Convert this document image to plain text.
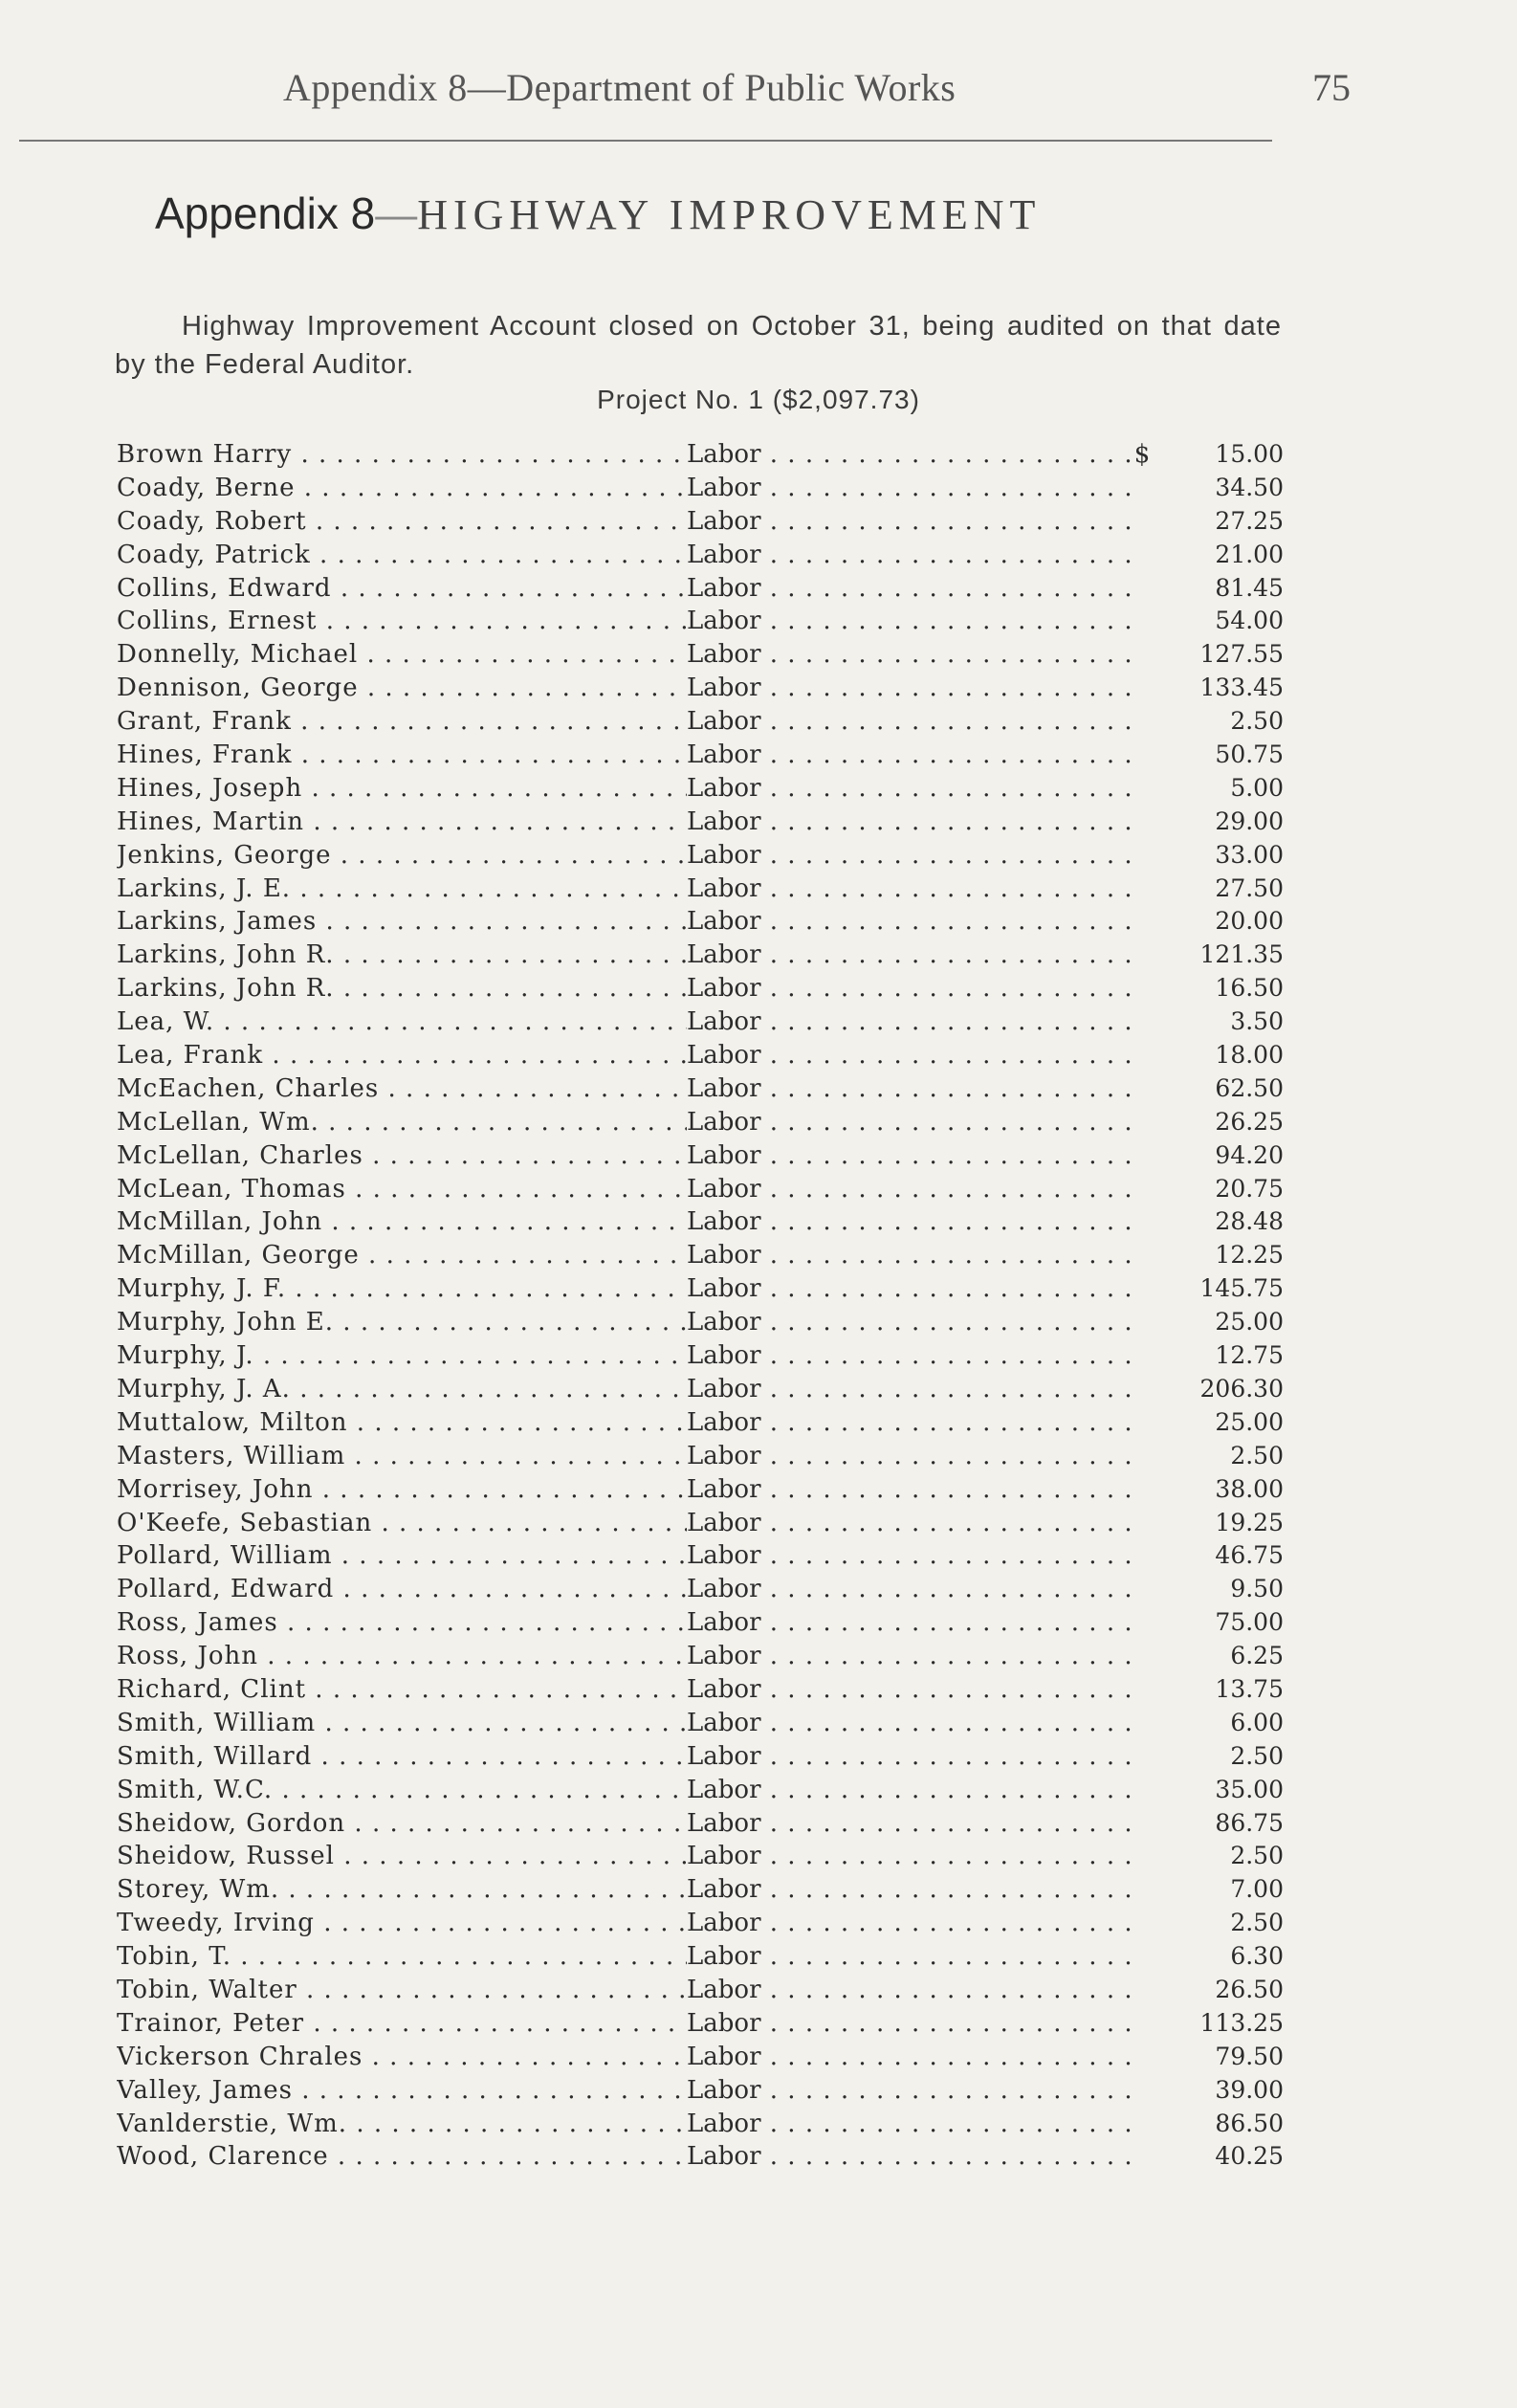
Appendix 8—Department of Public Works	75
Appendix 8—HIGHWAY IMPROVEMENT

Highway Improvement Account closed on October 31, being audited on that date by the Federal Auditor.

Project No. 1 ($2,097.73)
Brown Harry . . .	Labor . . .	$	15.00
Coady, Berne . . .	Labor . . .	34.50
Coady, Robert . . .	Labor . . .	27.25
Coady, Patrick . . .	Labor . . .	21.00
Collins, Edward . . .	Labor . . .	81.45
Collins, Ernest . . .	Labor . . .	54.00
Donnelly, Michael . . .	Labor . . .	127.55
Dennison, George . . .	Labor . . .	133.45
Grant, Frank . . .	Labor . . .	2.50
Hines, Frank . . .	Labor . . .	50.75
Hines, Joseph . . .	Labor . . .	5.00
Hines, Martin . . .	Labor . . .	29.00
Jenkins, George . . .	Labor . . .	33.00
Larkins, J. E. . . .	Labor . . .	27.50
Larkins, James . . .	Labor . . .	20.00
Larkins, John R. . . .	Labor . . .	121.35
Larkins, John R. . . .	Labor . . .	16.50
Lea, W. . . .	Labor . . .	3.50
Lea, Frank . . .	Labor . . .	18.00
McEachen, Charles . . .	Labor . . .	62.50
McLellan, Wm. . . .	Labor . . .	26.25
McLellan, Charles . . .	Labor . . .	94.20
McLean, Thomas . . .	Labor . . .	20.75
McMillan, John . . .	Labor . . .	28.48
McMillan, George . . .	Labor . . .	12.25
Murphy, J. F. . . .	Labor . . .	145.75
Murphy, John E. . . .	Labor . . .	25.00
Murphy, J. . . .	Labor . . .	12.75
Murphy, J. A. . . .	Labor . . .	206.30
Muttalow, Milton . . .	Labor . . .	25.00
Masters, William . . .	Labor . . .	2.50
Morrisey, John . . .	Labor . . .	38.00
O'Keefe, Sebastian . . .	Labor . . .	19.25
Pollard, William . . .	Labor . . .	46.75
Pollard, Edward . . .	Labor . . .	9.50
Ross, James . . .	Labor . . .	75.00
Ross, John . . .	Labor . . .	6.25
Richard, Clint . . .	Labor . . .	13.75
Smith, William . . .	Labor . . .	6.00
Smith, Willard . . .	Labor . . .	2.50
Smith, W.C. . . .	Labor . . .	35.00
Sheidow, Gordon . . .	Labor . . .	86.75
Sheidow, Russel . . .	Labor . . .	2.50
Storey, Wm. . . .	Labor . . .	7.00
Tweedy, Irving . . .	Labor . . .	2.50
Tobin, T. . . .	Labor . . .	6.30
Tobin, Walter . . .	Labor . . .	26.50
Trainor, Peter . . .	Labor . . .	113.25
Vickerson Chrales . . .	Labor . . .	79.50
Valley, James . . .	Labor . . .	39.00
Vanlderstie, Wm. . . .	Labor . . .	86.50
Wood, Clarence . . .	Labor . . .	40.25
